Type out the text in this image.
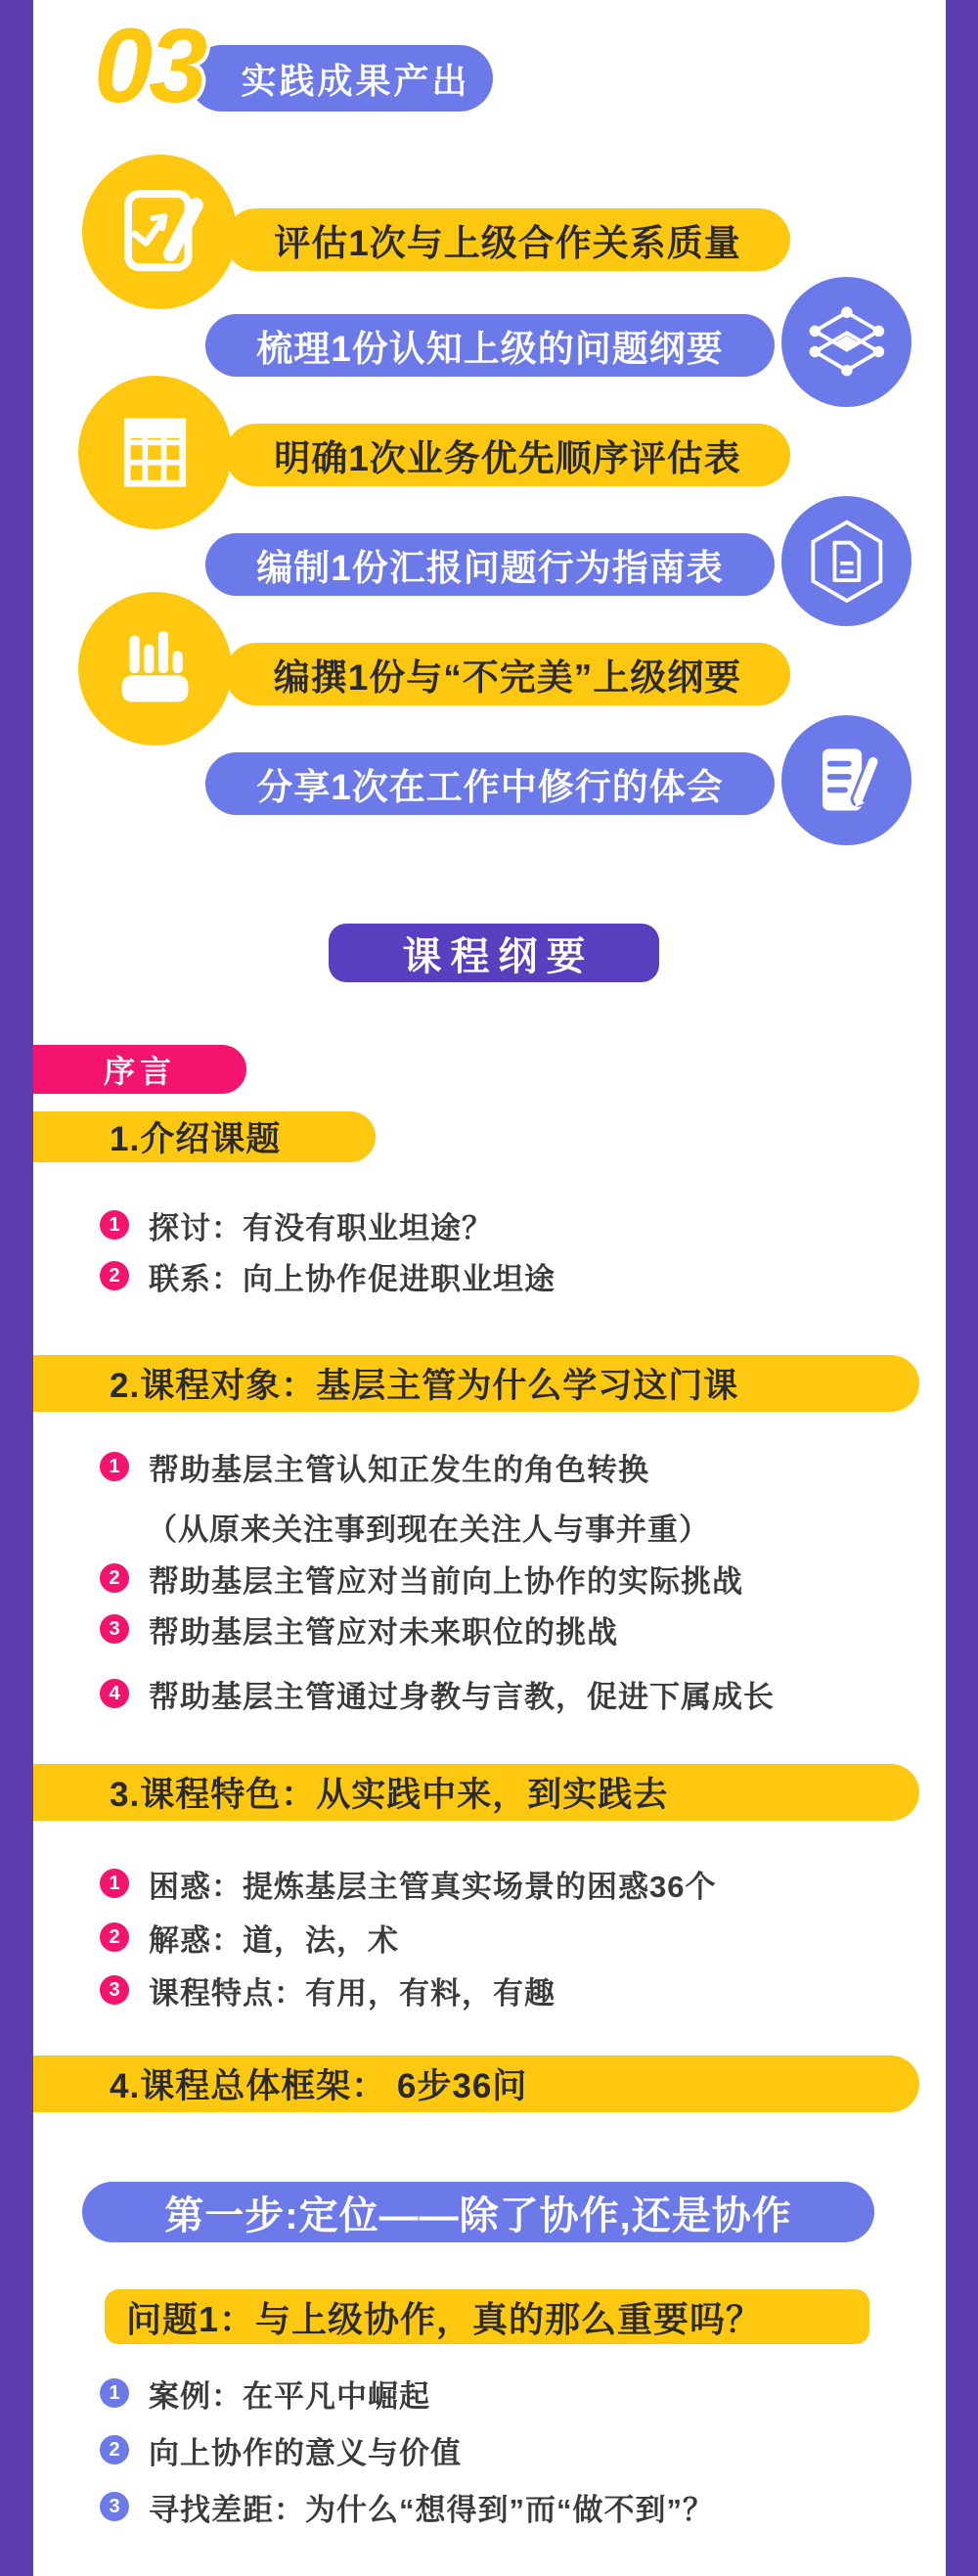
03 实践成果产出
评估1次与上级合作关系质量
梳理1份认知上级的问题纲要
明确1次业务优先顺序评估表
编制1份汇报问题行为指南表
编撰1份与“不完美”上级纲要
分享1次在工作中修行的体会
课程纲要
序言
1.介绍课题
1 探讨：有没有职业坦途？
2 联系：向上协作促进职业坦途
2.课程对象：基层主管为什么学习这门课
1 帮助基层主管认知正发生的角色转换
（从原来关注事到现在关注人与事并重）
2 帮助基层主管应对当前向上协作的实际挑战
3 帮助基层主管应对未来职位的挑战
4 帮助基层主管通过身教与言教，促进下属成长
3.课程特色：从实践中来，到实践去
1 困惑：提炼基层主管真实场景的困惑36个
2 解惑：道，法，术
3 课程特点：有用，有料，有趣
4.课程总体框架： 6步36问
第一步:定位——除了协作,还是协作
问题1：与上级协作，真的那么重要吗？
1 案例：在平凡中崛起
2 向上协作的意义与价值
3 寻找差距：为什么“想得到”而“做不到”？
